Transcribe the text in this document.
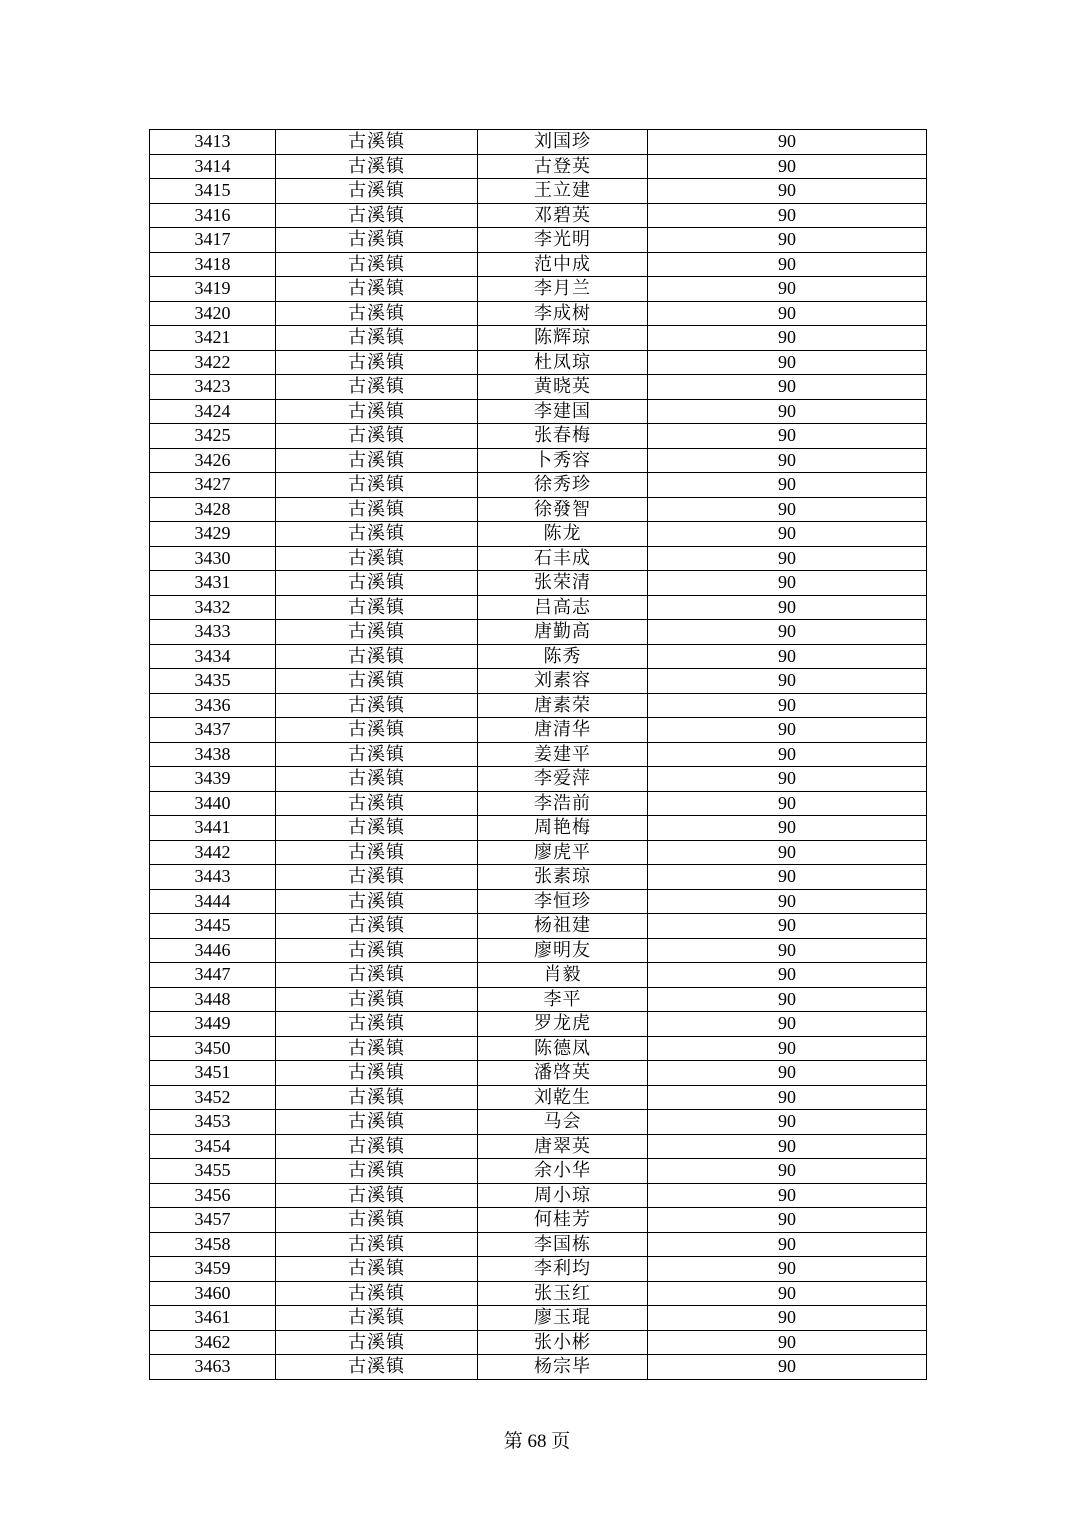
3413	古溪镇	刘国珍	90
3414	古溪镇	古登英	90
3415	古溪镇	王立建	90
3416	古溪镇	邓碧英	90
3417	古溪镇	李光明	90
3418	古溪镇	范中成	90
3419	古溪镇	李月兰	90
3420	古溪镇	李成树	90
3421	古溪镇	陈辉琼	90
3422	古溪镇	杜凤琼	90
3423	古溪镇	黄晓英	90
3424	古溪镇	李建国	90
3425	古溪镇	张春梅	90
3426	古溪镇	卜秀容	90
3427	古溪镇	徐秀珍	90
3428	古溪镇	徐發智	90
3429	古溪镇	陈龙	90
3430	古溪镇	石丰成	90
3431	古溪镇	张荣清	90
3432	古溪镇	吕高志	90
3433	古溪镇	唐勤高	90
3434	古溪镇	陈秀	90
3435	古溪镇	刘素容	90
3436	古溪镇	唐素荣	90
3437	古溪镇	唐清华	90
3438	古溪镇	姜建平	90
3439	古溪镇	李爱萍	90
3440	古溪镇	李浩前	90
3441	古溪镇	周艳梅	90
3442	古溪镇	廖虎平	90
3443	古溪镇	张素琼	90
3444	古溪镇	李恒珍	90
3445	古溪镇	杨祖建	90
3446	古溪镇	廖明友	90
3447	古溪镇	肖毅	90
3448	古溪镇	李平	90
3449	古溪镇	罗龙虎	90
3450	古溪镇	陈德凤	90
3451	古溪镇	潘啓英	90
3452	古溪镇	刘乾生	90
3453	古溪镇	马会	90
3454	古溪镇	唐翠英	90
3455	古溪镇	余小华	90
3456	古溪镇	周小琼	90
3457	古溪镇	何桂芳	90
3458	古溪镇	李国栋	90
3459	古溪镇	李利均	90
3460	古溪镇	张玉红	90
3461	古溪镇	廖玉琨	90
3462	古溪镇	张小彬	90
3463	古溪镇	杨宗毕	90
第 68 页
